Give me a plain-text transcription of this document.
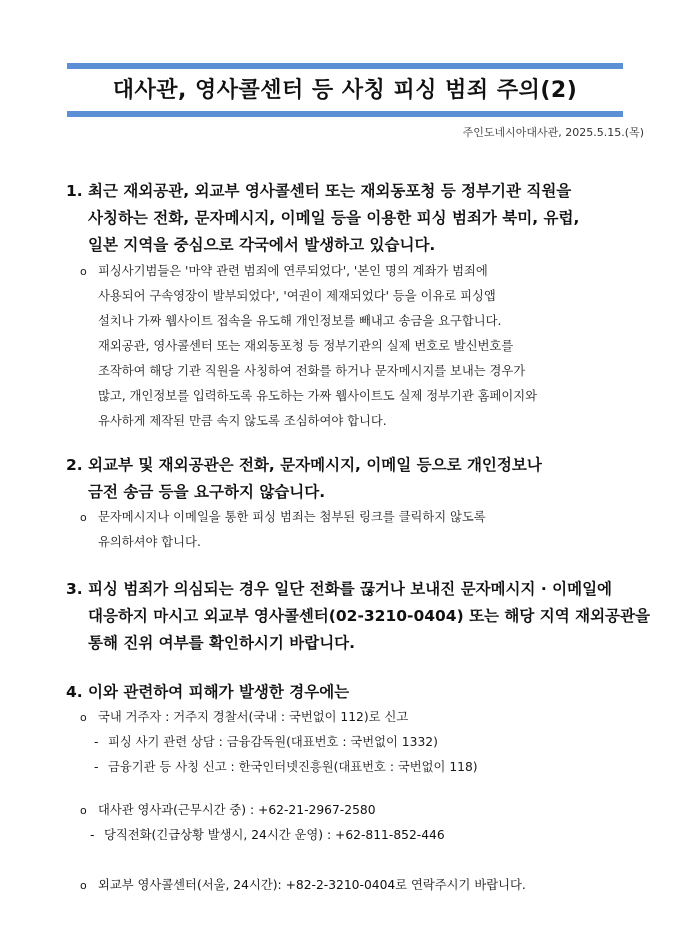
대사관, 영사콜센터 등 사칭 피싱 범죄 주의(2)
주인도네시아대사관, 2025.5.15.(목)
1. 최근 재외공관, 외교부 영사콜센터 또는 재외동포청 등 정부기관 직원을
사칭하는 전화, 문자메시지, 이메일 등을 이용한 피싱 범죄가 북미, 유럽,
일본 지역을 중심으로 각국에서 발생하고 있습니다.
o 피싱사기범들은 '마약 관련 범죄에 연루되었다', '본인 명의 계좌가 범죄에
사용되어 구속영장이 발부되었다', '여권이 제재되었다' 등을 이유로 피싱앱
설치나 가짜 웹사이트 접속을 유도해 개인정보를 빼내고 송금을 요구합니다.
재외공관, 영사콜센터 또는 재외동포청 등 정부기관의 실제 번호로 발신번호를
조작하여 해당 기관 직원을 사칭하여 전화를 하거나 문자메시지를 보내는 경우가
많고, 개인정보를 입력하도록 유도하는 가짜 웹사이트도 실제 정부기관 홈페이지와
유사하게 제작된 만큼 속지 않도록 조심하여야 합니다.
2. 외교부 및 재외공관은 전화, 문자메시지, 이메일 등으로 개인정보나
금전 송금 등을 요구하지 않습니다.
o 문자메시지나 이메일을 통한 피싱 범죄는 첨부된 링크를 클릭하지 않도록
유의하셔야 합니다.
3. 피싱 범죄가 의심되는 경우 일단 전화를 끊거나 보내진 문자메시지 · 이메일에
대응하지 마시고 외교부 영사콜센터(02-3210-0404) 또는 해당 지역 재외공관을
통해 진위 여부를 확인하시기 바랍니다.
4. 이와 관련하여 피해가 발생한 경우에는
o 국내 거주자 : 거주지 경찰서(국내 : 국번없이 112)로 신고
- 피싱 사기 관련 상담 : 금융감독원(대표번호 : 국번없이 1332)
- 금융기관 등 사칭 신고 : 한국인터넷진흥원(대표번호 : 국번없이 118)
o 대사관 영사과(근무시간 중) : +62-21-2967-2580
- 당직전화(긴급상황 발생시, 24시간 운영) : +62-811-852-446
o 외교부 영사콜센터(서울, 24시간): +82-2-3210-0404로 연락주시기 바랍니다.
